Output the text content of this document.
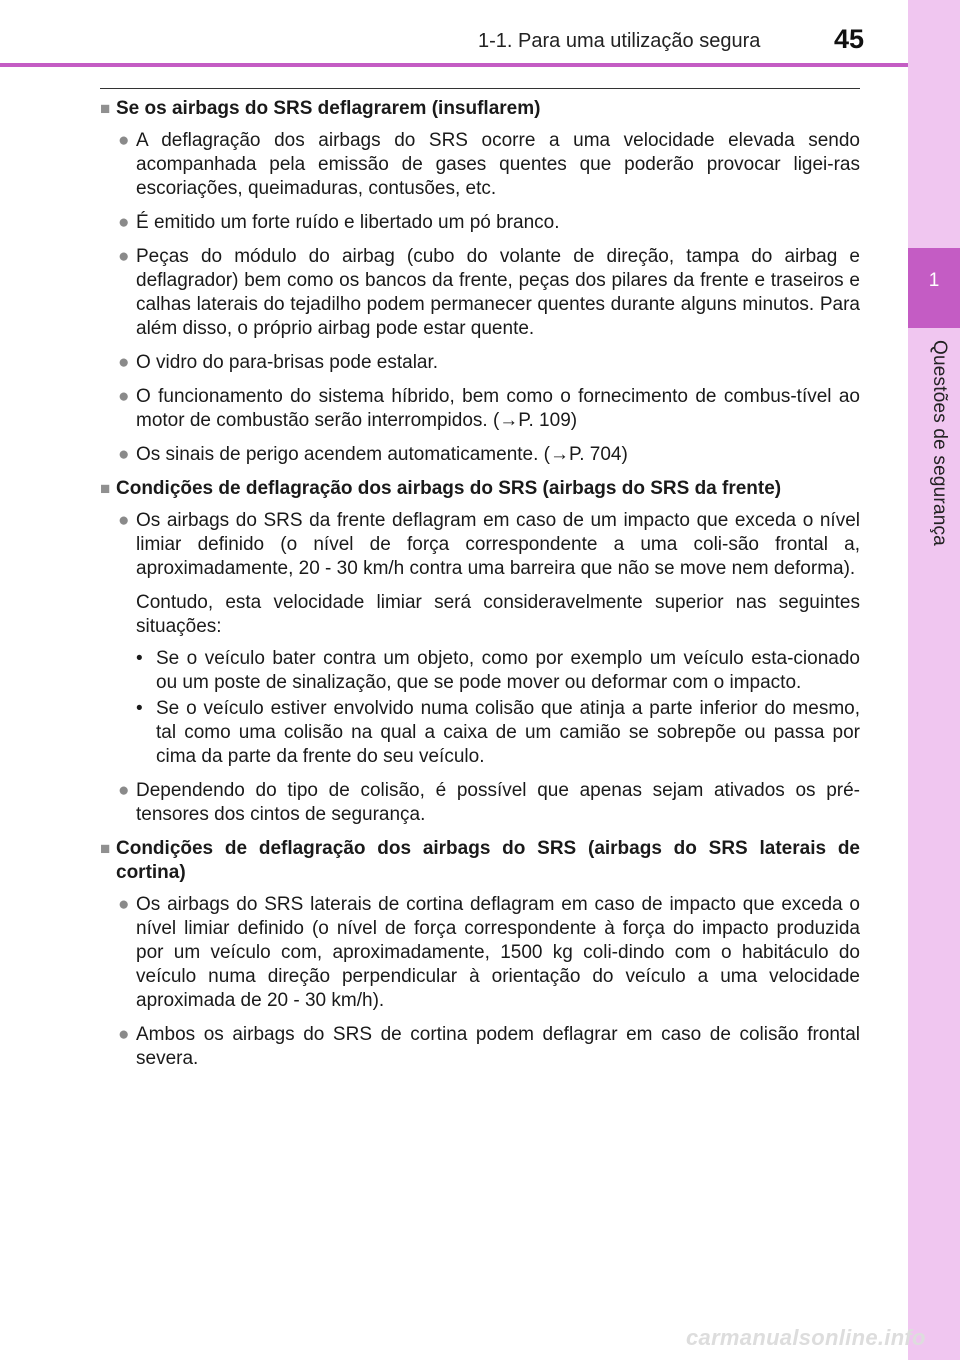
1
Questões de segurança
1-1. Para uma utilização segura	45
■ Se os airbags do SRS deflagrarem (insuflarem)
● A deflagração dos airbags do SRS ocorre a uma velocidade elevada sendo acompanhada pela emissão de gases quentes que poderão provocar ligei-ras escoriações, queimaduras, contusões, etc.
● É emitido um forte ruído e libertado um pó branco.
● Peças do módulo do airbag (cubo do volante de direção, tampa do airbag e deflagrador) bem como os bancos da frente, peças dos pilares da frente e traseiros e calhas laterais do tejadilho podem permanecer quentes durante alguns minutos. Para além disso, o próprio airbag pode estar quente.
● O vidro do para-brisas pode estalar.
● O funcionamento do sistema híbrido, bem como o fornecimento de combus-tível ao motor de combustão serão interrompidos. (→P. 109)
● Os sinais de perigo acendem automaticamente. (→P. 704)
■ Condições de deflagração dos airbags do SRS (airbags do SRS da frente)
● Os airbags do SRS da frente deflagram em caso de um impacto que exceda o nível limiar definido (o nível de força correspondente a uma coli-são frontal a, aproximadamente, 20 - 30 km/h contra uma barreira que não se move nem deforma).
Contudo, esta velocidade limiar será consideravelmente superior nas seguintes situações:
• Se o veículo bater contra um objeto, como por exemplo um veículo esta-cionado ou um poste de sinalização, que se pode mover ou deformar com o impacto.
• Se o veículo estiver envolvido numa colisão que atinja a parte inferior do mesmo, tal como uma colisão na qual a caixa de um camião se sobrepõe ou passa por cima da parte da frente do seu veículo.
● Dependendo do tipo de colisão, é possível que apenas sejam ativados os pré-tensores dos cintos de segurança.
■ Condições de deflagração dos airbags do SRS (airbags do SRS laterais de cortina)
● Os airbags do SRS laterais de cortina deflagram em caso de impacto que exceda o nível limiar definido (o nível de força correspondente à força do impacto produzida por um veículo com, aproximadamente, 1500 kg coli-dindo com o habitáculo do veículo numa direção perpendicular à orientação do veículo a uma velocidade aproximada de 20 - 30 km/h).
● Ambos os airbags do SRS de cortina podem deflagrar em caso de colisão frontal severa.
carmanualsonline.info
